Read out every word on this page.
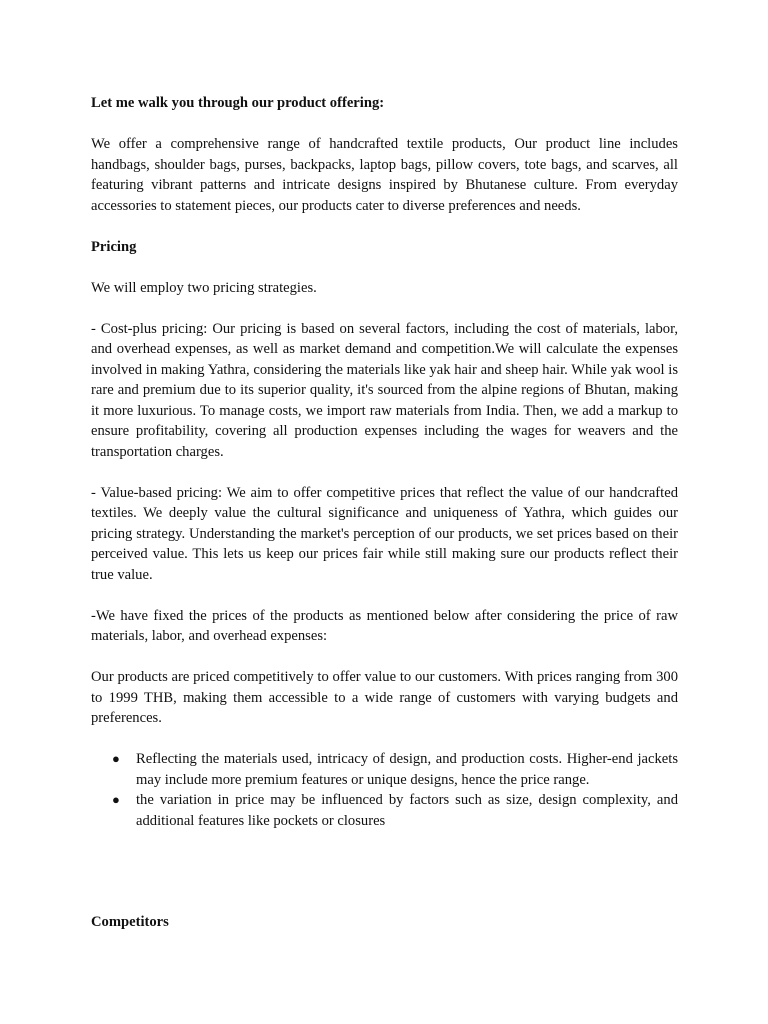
Let me walk you through our product offering:

We offer a comprehensive range of handcrafted textile products, Our product line includes handbags, shoulder bags, purses, backpacks, laptop bags, pillow covers, tote bags, and scarves, all featuring vibrant patterns and intricate designs inspired by Bhutanese culture. From everyday accessories to statement pieces, our products cater to diverse preferences and needs.

Pricing

We will employ two pricing strategies.

- Cost-plus pricing: Our pricing is based on several factors, including the cost of materials, labor, and overhead expenses, as well as market demand and competition.We will calculate the expenses involved in making Yathra, considering the materials like yak hair and sheep hair. While yak wool is rare and premium due to its superior quality, it's sourced from the alpine regions of Bhutan, making it more luxurious. To manage costs, we import raw materials from India. Then, we add a markup to ensure profitability, covering all production expenses including the wages for weavers and the transportation charges.

- Value-based pricing: We aim to offer competitive prices that reflect the value of our handcrafted textiles. We deeply value the cultural significance and uniqueness of Yathra, which guides our pricing strategy. Understanding the market's perception of our products, we set prices based on their perceived value. This lets us keep our prices fair while still making sure our products reflect their true value.

-We have fixed the prices of the products as mentioned below after considering the price of raw materials, labor, and overhead expenses:

Our products are priced competitively to offer value to our customers. With prices ranging from 300 to 1999 THB, making them accessible to a wide range of customers with varying budgets and preferences.

● Reflecting the materials used, intricacy of design, and production costs. Higher-end jackets may include more premium features or unique designs, hence the price range.
● the variation in price may be influenced by factors such as size, design complexity, and additional features like pockets or closures
Competitors
